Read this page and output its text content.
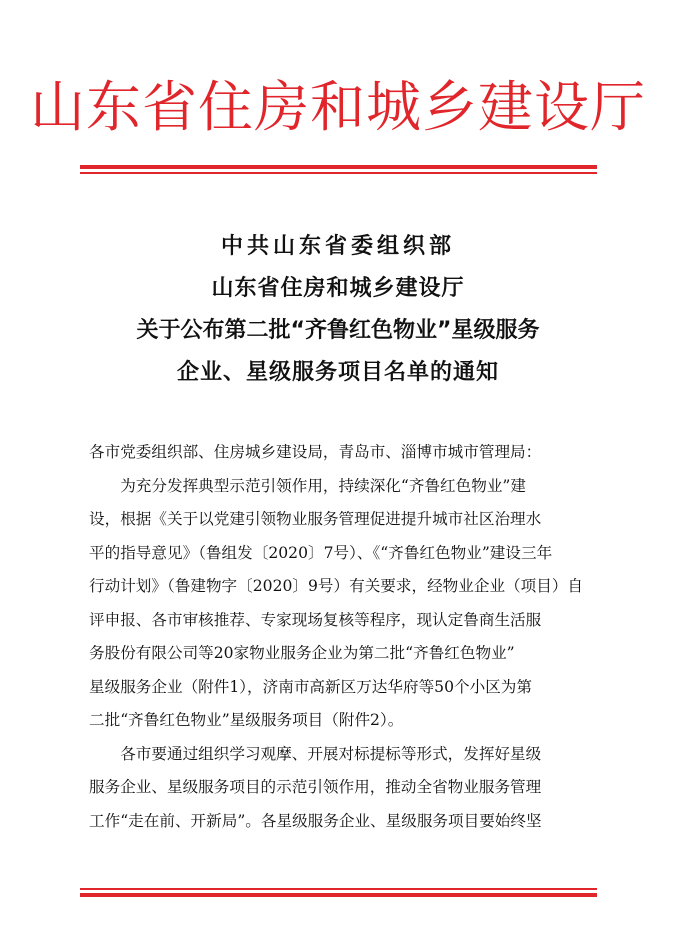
山东省住房和城乡建设厅
中共山东省委组织部
山东省住房和城乡建设厅
关于公布第二批“齐鲁红色物业”星级服务
企业、星级服务项目名单的通知
各市党委组织部、住房城乡建设局，青岛市、淄博市城市管理局：
　　为充分发挥典型示范引领作用，持续深化“齐鲁红色物业”建
设，根据《关于以党建引领物业服务管理促进提升城市社区治理水
平的指导意见》（鲁组发〔2020〕7号）、《“齐鲁红色物业”建设三年
行动计划》（鲁建物字〔2020〕9号）有关要求，经物业企业（项目）自
评申报、各市审核推荐、专家现场复核等程序，现认定鲁商生活服
务股份有限公司等20家物业服务企业为第二批“齐鲁红色物业”
星级服务企业（附件1），济南市高新区万达华府等50个小区为第
二批“齐鲁红色物业”星级服务项目（附件2）。
　　各市要通过组织学习观摩、开展对标提标等形式，发挥好星级
服务企业、星级服务项目的示范引领作用，推动全省物业服务管理
工作“走在前、开新局”。各星级服务企业、星级服务项目要始终坚
